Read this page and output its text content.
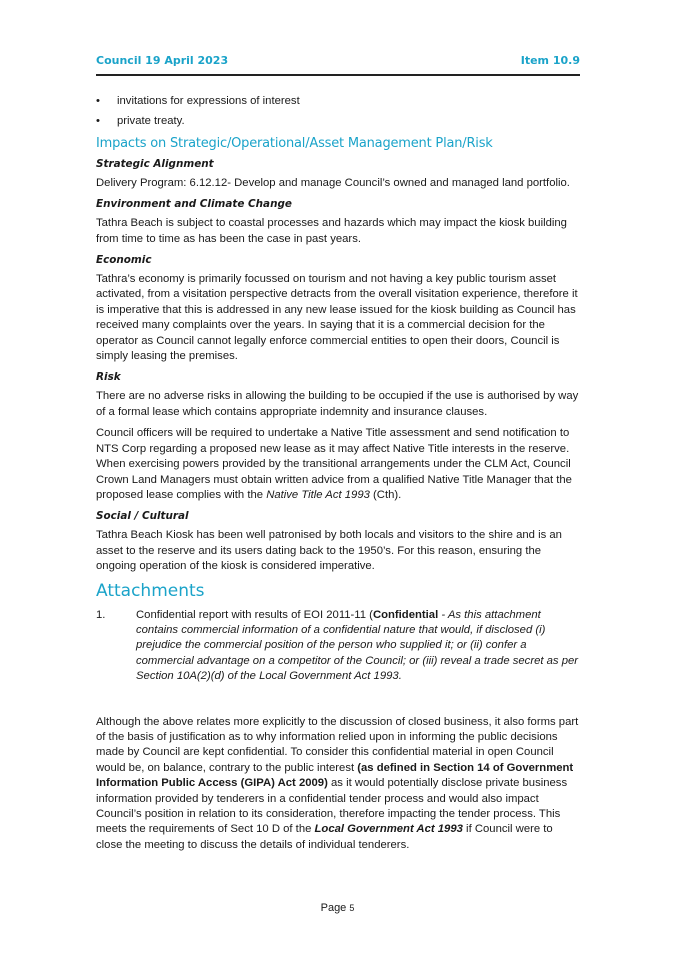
Council 19 April 2023	Item 10.9
•	invitations for expressions of interest
•	private treaty.
Impacts on Strategic/Operational/Asset Management Plan/Risk
Strategic Alignment

Delivery Program: 6.12.12- Develop and manage Council’s owned and managed land portfolio.

Environment and Climate Change

Tathra Beach is subject to coastal processes and hazards which may impact the kiosk building from time to time as has been the case in past years.

Economic

Tathra’s economy is primarily focussed on tourism and not having a key public tourism asset activated, from a visitation perspective detracts from the overall visitation experience, therefore it is imperative that this is addressed in any new lease issued for the kiosk building as Council has received many complaints over the years. In saying that it is a commercial decision for the operator as Council cannot legally enforce commercial entities to open their doors, Council is simply leasing the premises.

Risk

There are no adverse risks in allowing the building to be occupied if the use is authorised by way of a formal lease which contains appropriate indemnity and insurance clauses.

Council officers will be required to undertake a Native Title assessment and send notification to NTS Corp regarding a proposed new lease as it may affect Native Title interests in the reserve. When exercising powers provided by the transitional arrangements under the CLM Act, Council Crown Land Managers must obtain written advice from a qualified Native Title Manager that the proposed lease complies with the Native Title Act 1993 (Cth).

Social / Cultural

Tathra Beach Kiosk has been well patronised by both locals and visitors to the shire and is an asset to the reserve and its users dating back to the 1950’s. For this reason, ensuring the ongoing operation of the kiosk is considered imperative.

Attachments
1.	Confidential report with results of EOI 2011-11 (Confidential - As this attachment contains commercial information of a confidential nature that would, if disclosed (i) prejudice the commercial position of the person who supplied it; or (ii) confer a commercial advantage on a competitor of the Council; or (iii) reveal a trade secret as per Section 10A(2)(d) of the Local Government Act 1993.

Although the above relates more explicitly to the discussion of closed business, it also forms part of the basis of justification as to why information relied upon in informing the public decisions made by Council are kept confidential. To consider this confidential material in open Council would be, on balance, contrary to the public interest (as defined in Section 14 of Government Information Public Access (GIPA) Act 2009) as it would potentially disclose private business information provided by tenderers in a confidential tender process and would also impact Council’s position in relation to its consideration, therefore impacting the tender process. This meets the requirements of Sect 10 D of the Local Government Act 1993 if Council were to close the meeting to discuss the details of individual tenderers.

Page 5
